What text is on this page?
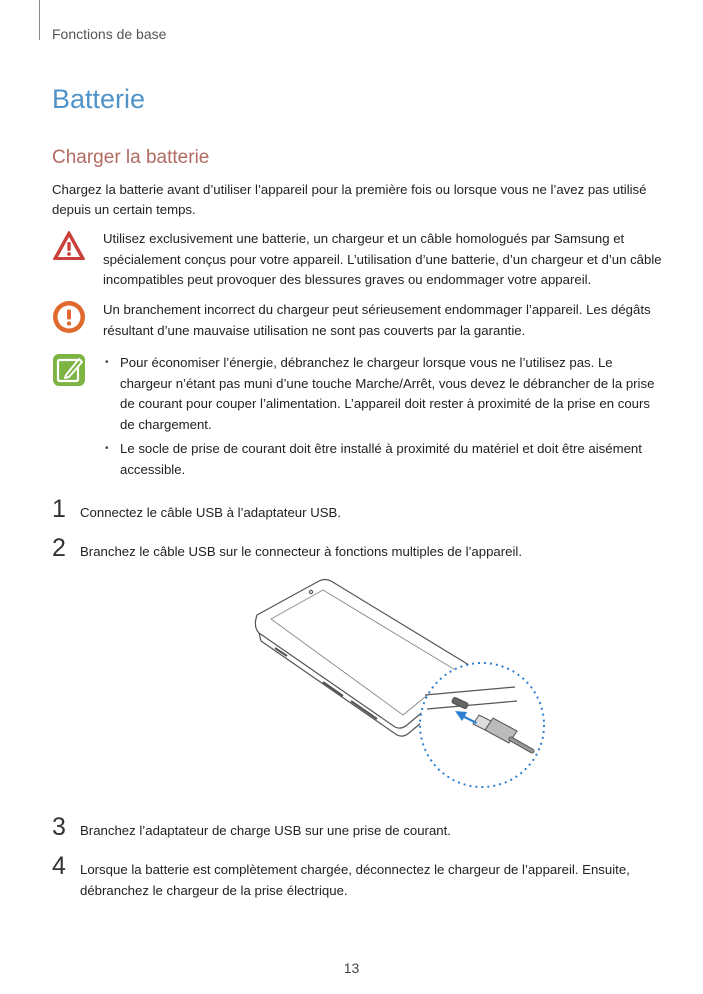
Fonctions de base
Batterie
Charger la batterie

Chargez la batterie avant d’utiliser l’appareil pour la première fois ou lorsque vous ne l’avez pas utilisé depuis un certain temps.

Utilisez exclusivement une batterie, un chargeur et un câble homologués par Samsung et spécialement conçus pour votre appareil. L’utilisation d’une batterie, d’un chargeur et d’un câble incompatibles peut provoquer des blessures graves ou endommager votre appareil.
Un branchement incorrect du chargeur peut sérieusement endommager l’appareil. Les dégâts résultant d’une mauvaise utilisation ne sont pas couverts par la garantie.
• Pour économiser l’énergie, débranchez le chargeur lorsque vous ne l’utilisez pas. Le chargeur n’étant pas muni d’une touche Marche/Arrêt, vous devez le débrancher de la prise de courant pour couper l’alimentation. L’appareil doit rester à proximité de la prise en cours de chargement.
• Le socle de prise de courant doit être installé à proximité du matériel et doit être aisément accessible.
1 Connectez le câble USB à l’adaptateur USB.
2 Branchez le câble USB sur le connecteur à fonctions multiples de l’appareil.
3 Branchez l’adaptateur de charge USB sur une prise de courant.
4 Lorsque la batterie est complètement chargée, déconnectez le chargeur de l’appareil. Ensuite, débranchez le chargeur de la prise électrique.
13
